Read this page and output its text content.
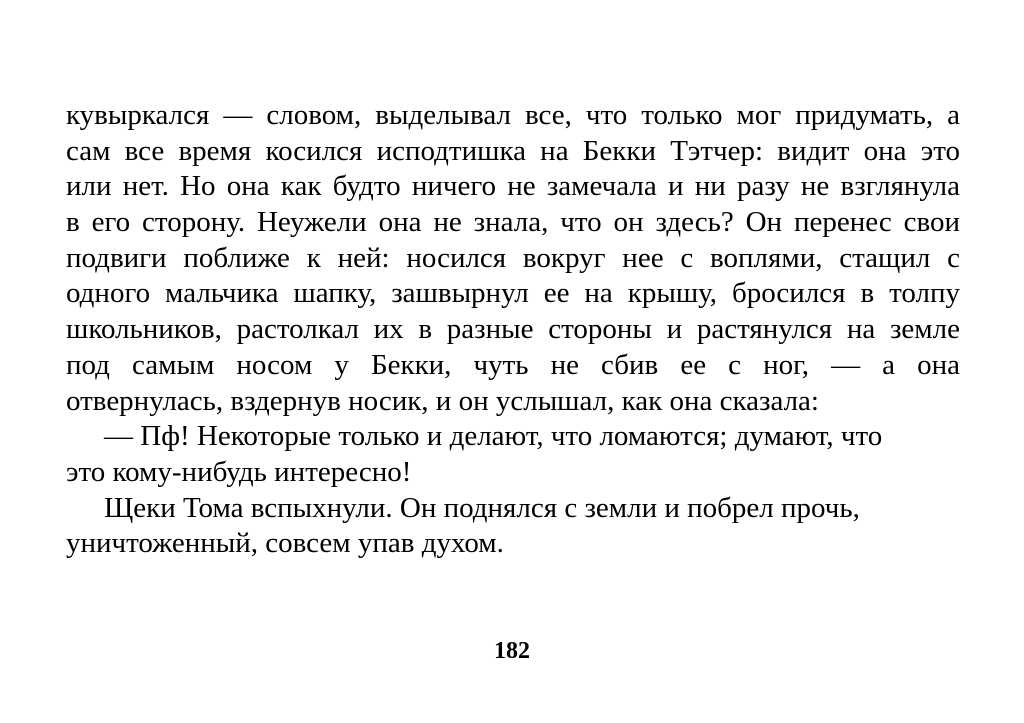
кувыркался — словом, выделывал все, что только мог придумать, а
сам все время косился исподтишка на Бекки Тэтчер: видит она это
или нет. Но она как будто ничего не замечала и ни разу не взглянула
в его сторону. Неужели она не знала, что он здесь? Он перенес свои
подвиги поближе к ней: носился вокруг нее с воплями, стащил с
одного мальчика шапку, зашвырнул ее на крышу, бросился в толпу
школьников, растолкал их в разные стороны и растянулся на земле
под самым носом у Бекки, чуть не сбив ее с ног, — а она
отвернулась, вздернув носик, и он услышал, как она сказала:
— Пф! Некоторые только и делают, что ломаются; думают, что
это кому-нибудь интересно!
Щеки Тома вспыхнули. Он поднялся с земли и побрел прочь,
уничтоженный, совсем упав духом.
182
